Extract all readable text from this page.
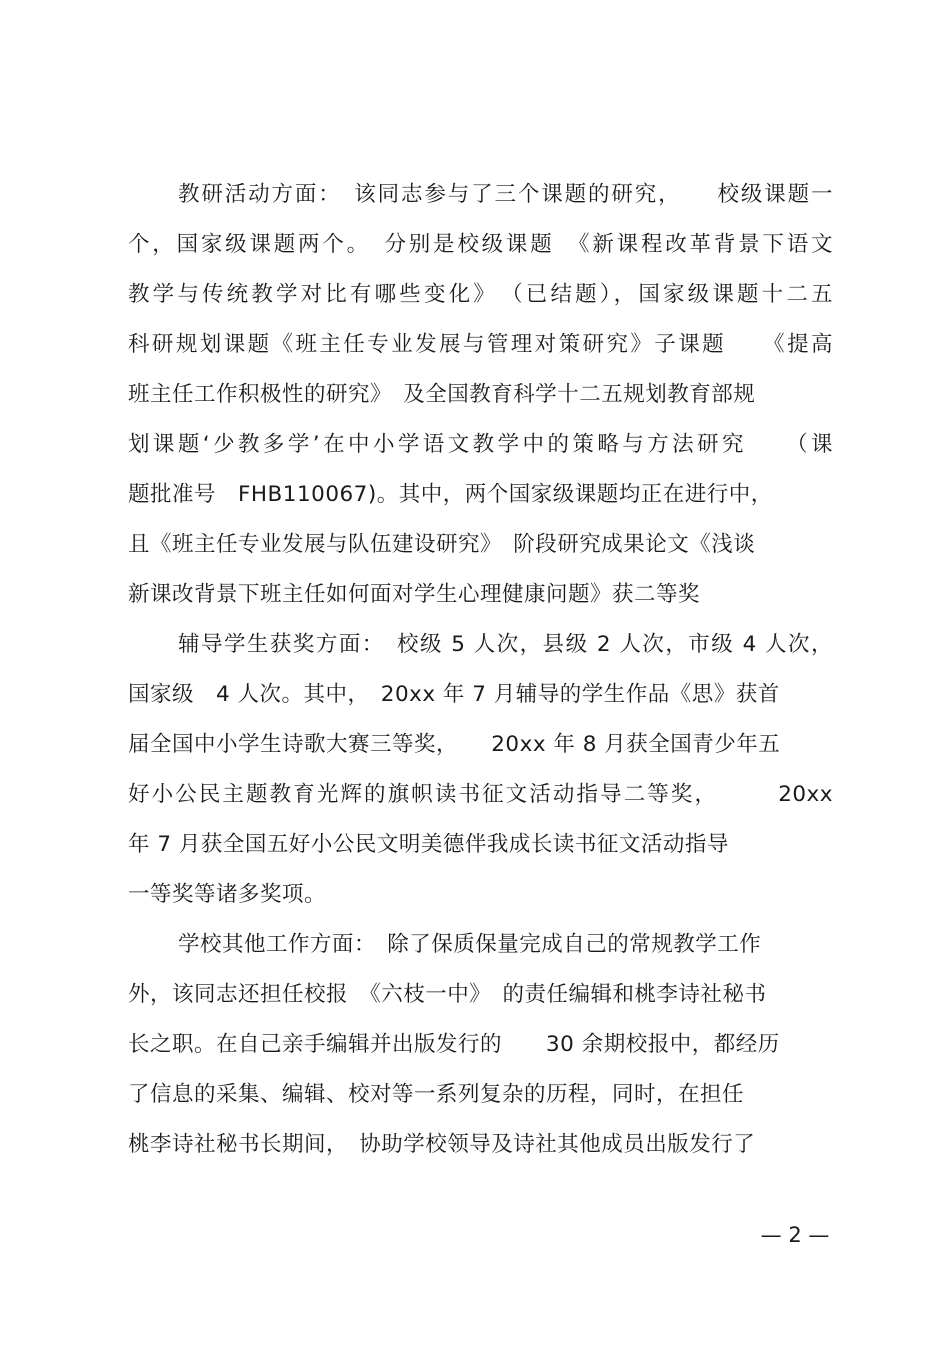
教研活动方面：　该同志参与了三个课题的研究，　　校级课题一
个，国家级课题两个。　分别是校级课题　《新课程改革背景下语文
教学与传统教学对比有哪些变化》　（已结题），国家级课题十二五
科研规划课题《班主任专业发展与管理对策研究》子课题　　《提高
班主任工作积极性的研究》　及全国教育科学十二五规划教育部规
划课题‘少教多学’在中小学语文教学中的策略与方法研究　　（课
题批准号　FHB110067)。其中，两个国家级课题均正在进行中，
且《班主任专业发展与队伍建设研究》　阶段研究成果论文《浅谈
新课改背景下班主任如何面对学生心理健康问题》获二等奖
辅导学生获奖方面：　校级 5 人次，县级 2 人次，市级 4 人次，
国家级　4 人次。其中，　20xx 年 7 月辅导的学生作品《思》获首
届全国中小学生诗歌大赛三等奖，　　20xx 年 8 月获全国青少年五
好小公民主题教育光辉的旗帜读书征文活动指导二等奖，　　　20xx
年 7 月获全国五好小公民文明美德伴我成长读书征文活动指导
一等奖等诸多奖项。
学校其他工作方面：　除了保质保量完成自己的常规教学工作
外，该同志还担任校报　《六枝一中》　的责任编辑和桃李诗社秘书
长之职。在自己亲手编辑并出版发行的　　30 余期校报中，都经历
了信息的采集、编辑、校对等一系列复杂的历程，同时，在担任
桃李诗社秘书长期间，　协助学校领导及诗社其他成员出版发行了
— 2 —
